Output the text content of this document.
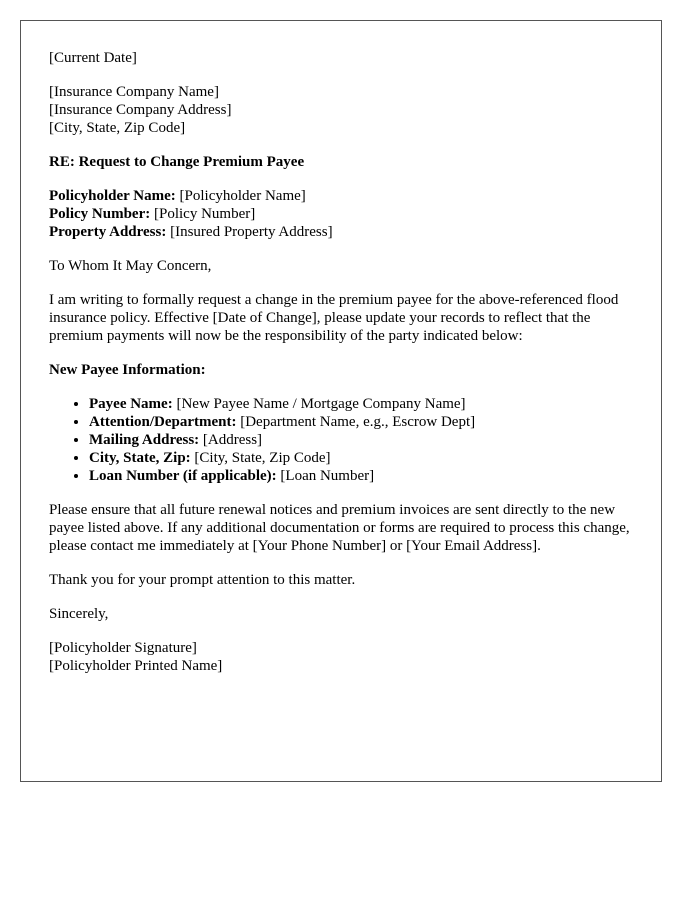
[Current Date]
[Insurance Company Name]
[Insurance Company Address]
[City, State, Zip Code]
RE: Request to Change Premium Payee
Policyholder Name: [Policyholder Name]
Policy Number: [Policy Number]
Property Address: [Insured Property Address]

To Whom It May Concern,

I am writing to formally request a change in the premium payee for the above-referenced flood insurance policy. Effective [Date of Change], please update your records to reflect that the premium payments will now be the responsibility of the party indicated below:

New Payee Information:

• Payee Name: [New Payee Name / Mortgage Company Name]
• Attention/Department: [Department Name, e.g., Escrow Dept]
• Mailing Address: [Address]
• City, State, Zip: [City, State, Zip Code]
• Loan Number (if applicable): [Loan Number]

Please ensure that all future renewal notices and premium invoices are sent directly to the new payee listed above. If any additional documentation or forms are required to process this change, please contact me immediately at [Your Phone Number] or [Your Email Address].

Thank you for your prompt attention to this matter.

Sincerely,

[Policyholder Signature]
[Policyholder Printed Name]
